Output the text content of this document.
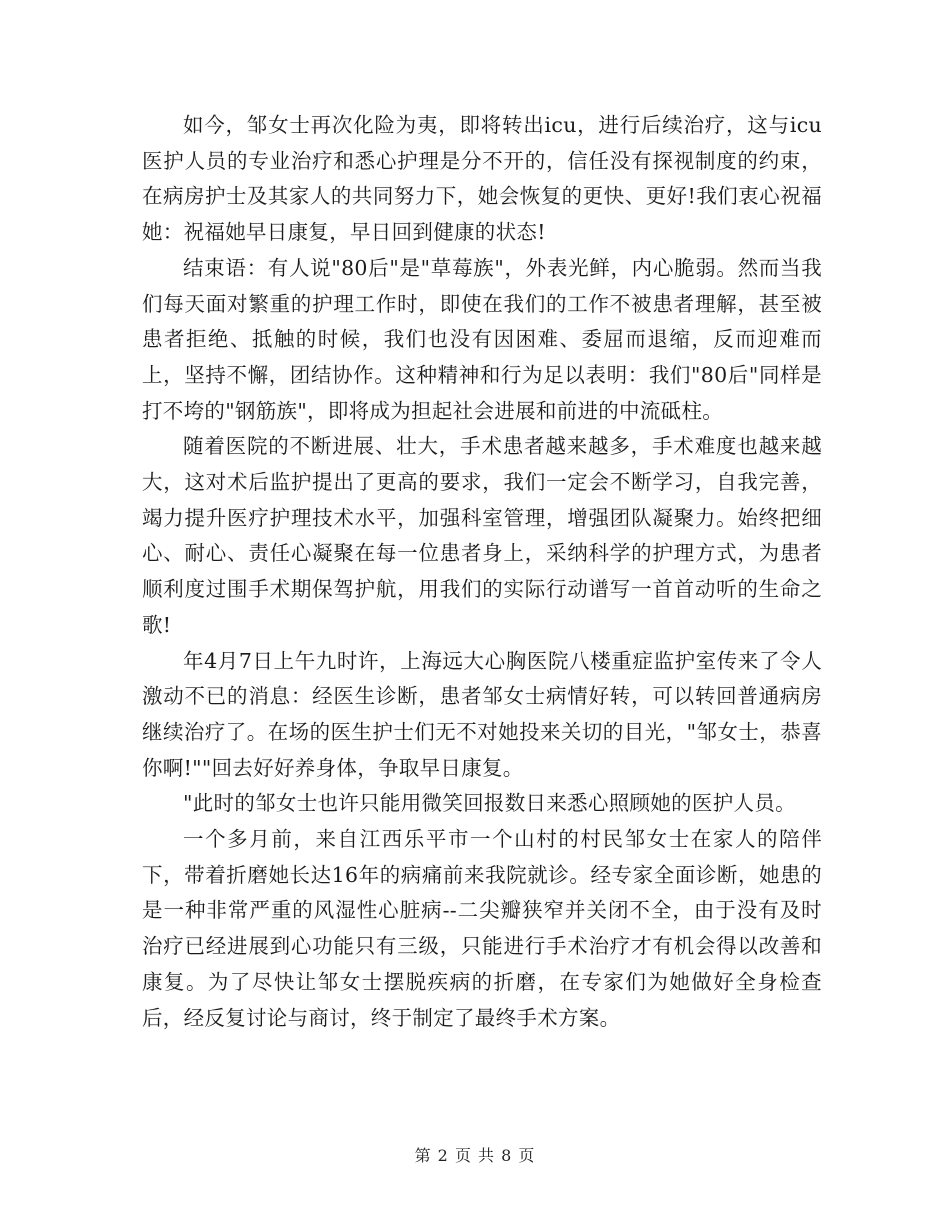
如今，邹女士再次化险为夷，即将转出icu，进行后续治疗，这与icu医护人员的专业治疗和悉心护理是分不开的，信任没有探视制度的约束，在病房护士及其家人的共同努力下，她会恢复的更快、更好!我们衷心祝福她：祝福她早日康复，早日回到健康的状态!

结束语：有人说"80后"是"草莓族"，外表光鲜，内心脆弱。然而当我们每天面对繁重的护理工作时，即使在我们的工作不被患者理解，甚至被患者拒绝、抵触的时候，我们也没有因困难、委屈而退缩，反而迎难而上，坚持不懈，团结协作。这种精神和行为足以表明：我们"80后"同样是打不垮的"钢筋族"，即将成为担起社会进展和前进的中流砥柱。

随着医院的不断进展、壮大，手术患者越来越多，手术难度也越来越大，这对术后监护提出了更高的要求，我们一定会不断学习，自我完善，竭力提升医疗护理技术水平，加强科室管理，增强团队凝聚力。始终把细心、耐心、责任心凝聚在每一位患者身上，采纳科学的护理方式，为患者顺利度过围手术期保驾护航，用我们的实际行动谱写一首首动听的生命之歌!

年4月7日上午九时许，上海远大心胸医院八楼重症监护室传来了令人激动不已的消息：经医生诊断，患者邹女士病情好转，可以转回普通病房继续治疗了。在场的医生护士们无不对她投来关切的目光，"邹女士，恭喜你啊!""回去好好养身体，争取早日康复。

"此时的邹女士也许只能用微笑回报数日来悉心照顾她的医护人员。

一个多月前，来自江西乐平市一个山村的村民邹女士在家人的陪伴下，带着折磨她长达16年的病痛前来我院就诊。经专家全面诊断，她患的是一种非常严重的风湿性心脏病--二尖瓣狭窄并关闭不全，由于没有及时治疗已经进展到心功能只有三级，只能进行手术治疗才有机会得以改善和康复。为了尽快让邹女士摆脱疾病的折磨，在专家们为她做好全身检查后，经反复讨论与商讨，终于制定了最终手术方案。

第 2 页 共 8 页
